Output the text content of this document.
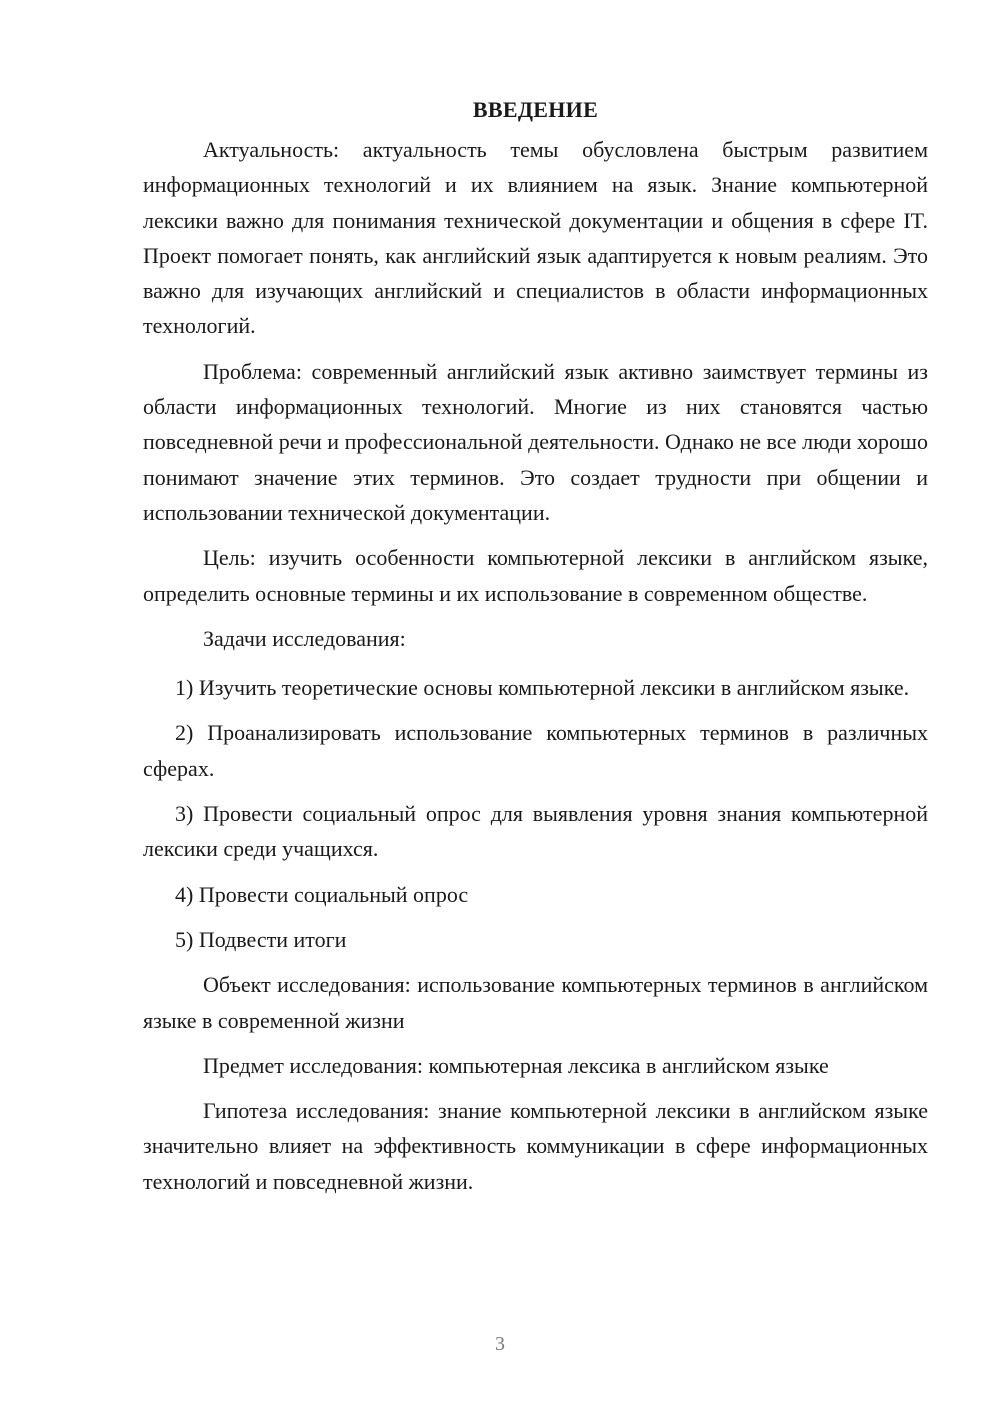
ВВЕДЕНИЕ

Актуальность: актуальность темы обусловлена быстрым развитием информационных технологий и их влиянием на язык. Знание компьютерной лексики важно для понимания технической документации и общения в сфере IT. Проект помогает понять, как английский язык адаптируется к новым реалиям. Это важно для изучающих английский и специалистов в области информационных технологий.

Проблема: современный английский язык активно заимствует термины из области информационных технологий. Многие из них становятся частью повседневной речи и профессиональной деятельности. Однако не все люди хорошо понимают значение этих терминов. Это создает трудности при общении и использовании технической документации.

Цель: изучить особенности компьютерной лексики в английском языке, определить основные термины и их использование в современном обществе.

Задачи исследования:

1) Изучить теоретические основы компьютерной лексики в английском языке.

2) Проанализировать использование компьютерных терминов в различных сферах.

3) Провести социальный опрос для выявления уровня знания компьютерной лексики среди учащихся.

4) Провести социальный опрос

5) Подвести итоги

Объект исследования: использование компьютерных терминов в английском языке в современной жизни

Предмет исследования: компьютерная лексика в английском языке

Гипотеза исследования: знание компьютерной лексики в английском языке значительно влияет на эффективность коммуникации в сфере информационных технологий и повседневной жизни.

3
